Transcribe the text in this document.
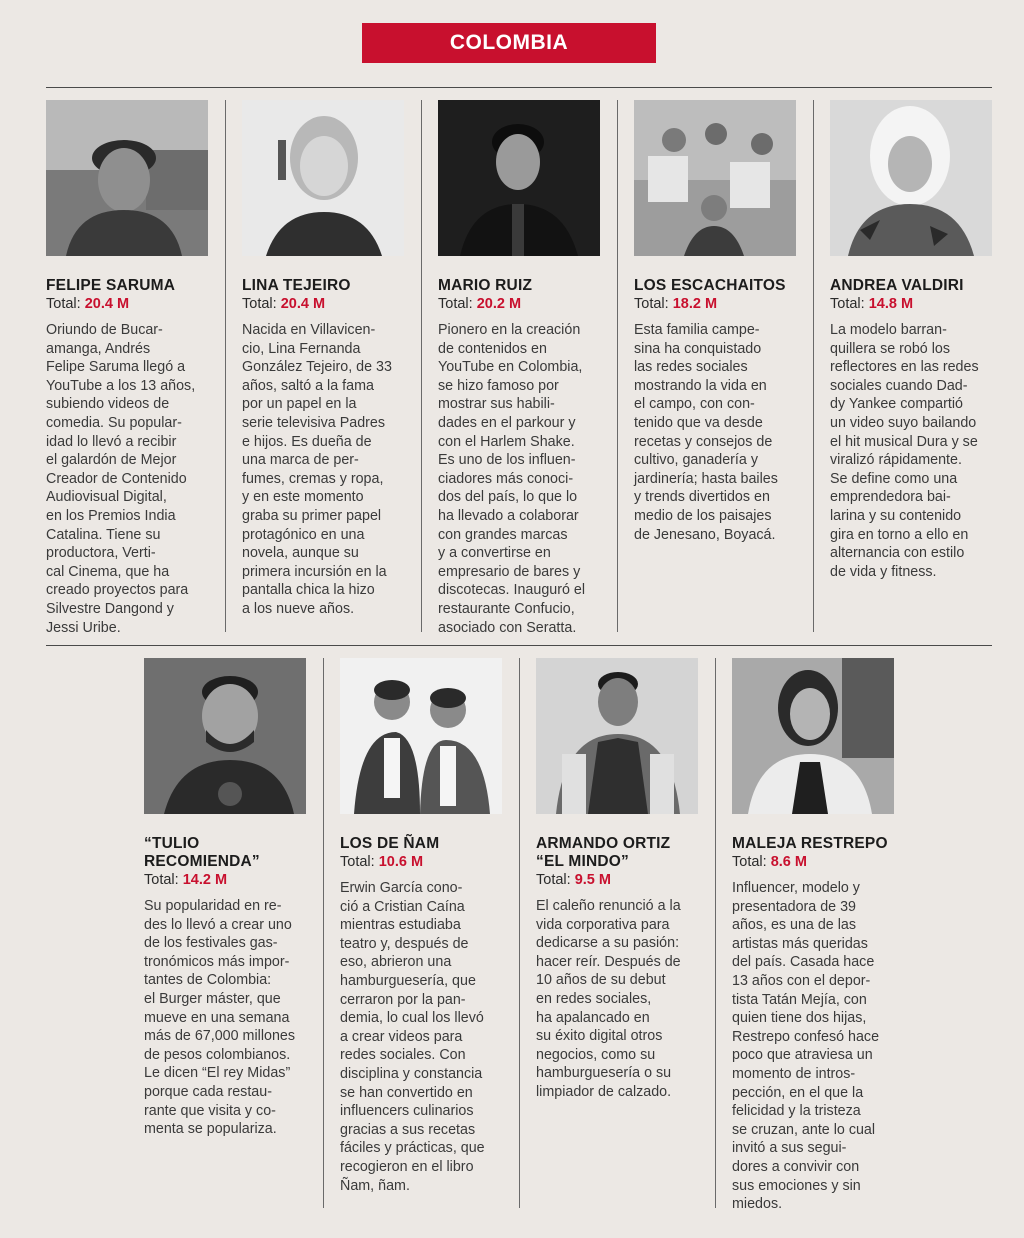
COLOMBIA
FELIPE SARUMA
Total: 20.4 M
Oriundo de Bucar-
amanga, Andrés
Felipe Saruma llegó a
YouTube a los 13 años,
subiendo videos de
comedia. Su popular-
idad lo llevó a recibir
el galardón de Mejor
Creador de Contenido
Audiovisual Digital,
en los Premios India
Catalina. Tiene su
productora, Verti-
cal Cinema, que ha
creado proyectos para
Silvestre Dangond y
Jessi Uribe.
LINA TEJEIRO
Total: 20.4 M
Nacida en Villavicen-
cio, Lina Fernanda
González Tejeiro, de 33
años, saltó a la fama
por un papel en la
serie televisiva Padres
e hijos. Es dueña de
una marca de per-
fumes, cremas y ropa,
y en este momento
graba su primer papel
protagónico en una
novela, aunque su
primera incursión en la
pantalla chica la hizo
a los nueve años.
MARIO RUIZ
Total: 20.2 M
Pionero en la creación
de contenidos en
YouTube en Colombia,
se hizo famoso por
mostrar sus habili-
dades en el parkour y
con el Harlem Shake.
Es uno de los influen-
ciadores más conoci-
dos del país, lo que lo
ha llevado a colaborar
con grandes marcas
y a convertirse en
empresario de bares y
discotecas. Inauguró el
restaurante Confucio,
asociado con Seratta.
LOS ESCACHAITOS
Total: 18.2 M
Esta familia campe-
sina ha conquistado
las redes sociales
mostrando la vida en
el campo, con con-
tenido que va desde
recetas y consejos de
cultivo, ganadería y
jardinería; hasta bailes
y trends divertidos en
medio de los paisajes
de Jenesano, Boyacá.
ANDREA VALDIRI
Total: 14.8 M
La modelo barran-
quillera se robó los
reflectores en las redes
sociales cuando Dad-
dy Yankee compartió
un video suyo bailando
el hit musical Dura y se
viralizó rápidamente.
Se define como una
emprendedora bai-
larina y su contenido
gira en torno a ello en
alternancia con estilo
de vida y fitness.
“TULIO
RECOMIENDA”
Total: 14.2 M
Su popularidad en re-
des lo llevó a crear uno
de los festivales gas-
tronómicos más impor-
tantes de Colombia:
el Burger máster, que
mueve en una semana
más de 67,000 millones
de pesos colombianos.
Le dicen “El rey Midas”
porque cada restau-
rante que visita y co-
menta se populariza.
LOS DE ÑAM
Total: 10.6 M
Erwin García cono-
ció a Cristian Caína
mientras estudiaba
teatro y, después de
eso, abrieron una
hamburguesería, que
cerraron por la pan-
demia, lo cual los llevó
a crear videos para
redes sociales. Con
disciplina y constancia
se han convertido en
influencers culinarios
gracias a sus recetas
fáciles y prácticas, que
recogieron en el libro
Ñam, ñam.
ARMANDO ORTIZ
“EL MINDO”
Total: 9.5 M
El caleño renunció a la
vida corporativa para
dedicarse a su pasión:
hacer reír. Después de
10 años de su debut
en redes sociales,
ha apalancado en
su éxito digital otros
negocios, como su
hamburguesería o su
limpiador de calzado.
MALEJA RESTREPO
Total: 8.6 M
Influencer, modelo y
presentadora de 39
años, es una de las
artistas más queridas
del país. Casada hace
13 años con el depor-
tista Tatán Mejía, con
quien tiene dos hijas,
Restrepo confesó hace
poco que atraviesa un
momento de intros-
pección, en el que la
felicidad y la tristeza
se cruzan, ante lo cual
invitó a sus segui-
dores a convivir con
sus emociones y sin
miedos.
